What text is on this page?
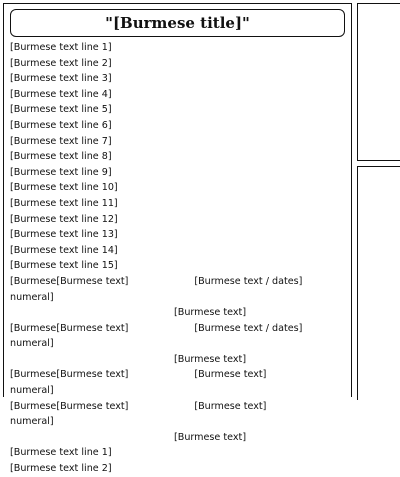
"[Burmese title]"

[Burmese text line 1]

[Burmese text line 2]

[Burmese text line 3]

[Burmese text line 4]

[Burmese text line 5]

[Burmese text line 6]

[Burmese text line 7]

[Burmese text line 8]

[Burmese text line 9]

[Burmese text line 10]

[Burmese text line 11]

[Burmese text line 12]

[Burmese text line 13]

[Burmese text line 14]

[Burmese text line 15]

[Burmese numeral]
[Burmese text]	[Burmese text / dates]
[Burmese text]
[Burmese numeral]
[Burmese text]	[Burmese text / dates]
[Burmese text]
[Burmese numeral]
[Burmese text]	[Burmese text]
[Burmese numeral]
[Burmese text]	[Burmese text]
[Burmese text]

[Burmese text line 1]

[Burmese text line 2]
